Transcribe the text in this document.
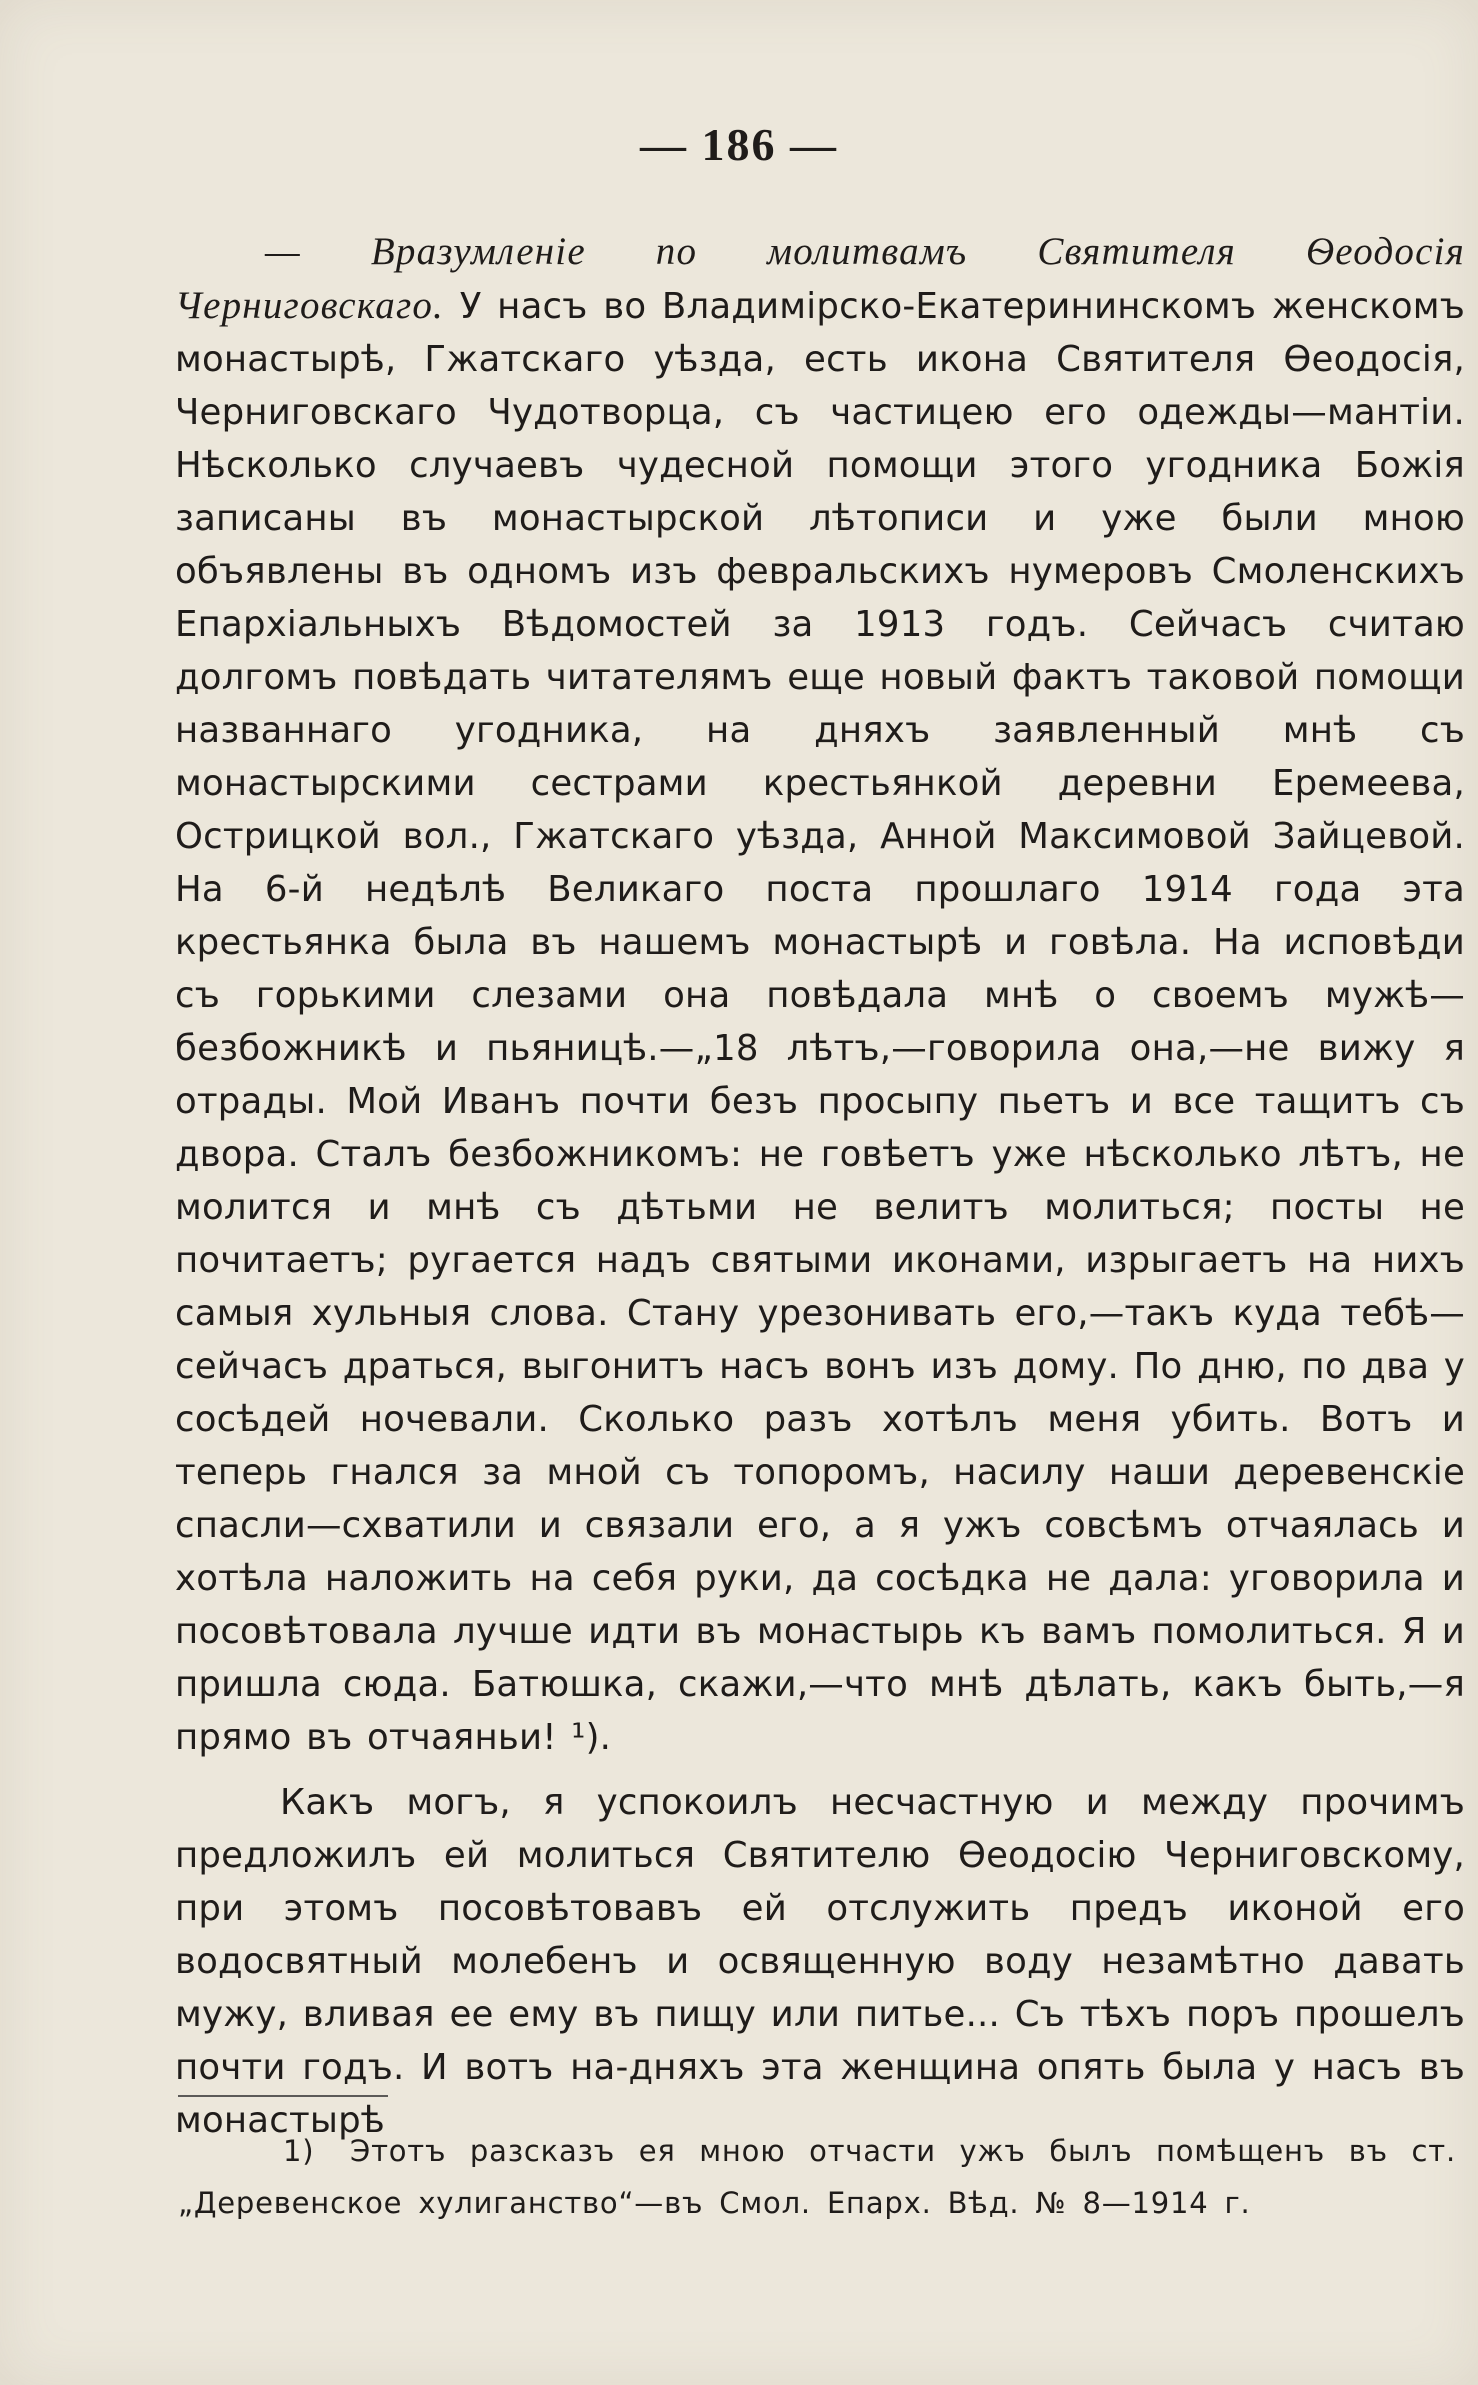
— 186 —

— Вразумленіе по молитвамъ Святителя Ѳеодосія Черниговскаго. У насъ во Владимірско-Екатерининскомъ женскомъ монастырѣ, Гжатскаго уѣзда, есть икона Святителя Ѳеодосія, Черниговскаго Чудотворца, съ частицею его одежды—мантіи. Нѣсколько случаевъ чудесной помощи этого угодника Божія записаны въ монастырской лѣтописи и уже были мною объявлены въ одномъ изъ февральскихъ нумеровъ Смоленскихъ Епархіальныхъ Вѣдомостей за 1913 годъ. Сейчасъ считаю долгомъ повѣдать читателямъ еще новый фактъ таковой помощи названнаго угодника, на дняхъ заявленный мнѣ съ монастырскими сестрами крестьянкой деревни Еремеева, Острицкой вол., Гжатскаго уѣзда, Анной Максимовой Зайцевой. На 6-й недѣлѣ Великаго поста прошлаго 1914 года эта крестьянка была въ нашемъ монастырѣ и говѣла. На исповѣди съ горькими слезами она повѣдала мнѣ о своемъ мужѣ—безбожникѣ и пьяницѣ.—„18 лѣтъ,—говорила она,—не вижу я отрады. Мой Иванъ почти безъ просыпу пьетъ и все тащитъ съ двора. Сталъ безбожникомъ: не говѣетъ уже нѣсколько лѣтъ, не молится и мнѣ съ дѣтьми не велитъ молиться; посты не почитаетъ; ругается надъ святыми иконами, изрыгаетъ на нихъ самыя хульныя слова. Стану урезонивать его,—такъ куда тебѣ—сейчасъ драться, выгонитъ насъ вонъ изъ дому. По дню, по два у сосѣдей ночевали. Сколько разъ хотѣлъ меня убить. Вотъ и теперь гнался за мной съ топоромъ, насилу наши деревенскіе спасли—схватили и связали его, а я ужъ совсѣмъ отчаялась и хотѣла наложить на себя руки, да сосѣдка не дала: уговорила и посовѣтовала лучше идти въ монастырь къ вамъ помолиться. Я и пришла сюда. Батюшка, скажи,—что мнѣ дѣлать, какъ быть,—я прямо въ отчаяньи! ¹).

Какъ могъ, я успокоилъ несчастную и между прочимъ предложилъ ей молиться Святителю Ѳеодосію Черниговскому, при этомъ посовѣтовавъ ей отслужить предъ иконой его водосвятный молебенъ и освященную воду незамѣтно давать мужу, вливая ее ему въ пищу или питье... Съ тѣхъ поръ прошелъ почти годъ. И вотъ на-дняхъ эта женщина опять была у насъ въ монастырѣ

1) Этотъ разсказъ ея мною отчасти ужъ былъ помѣщенъ въ ст. „Деревенское хулиганство“—въ Смол. Епарх. Вѣд. № 8—1914 г.
